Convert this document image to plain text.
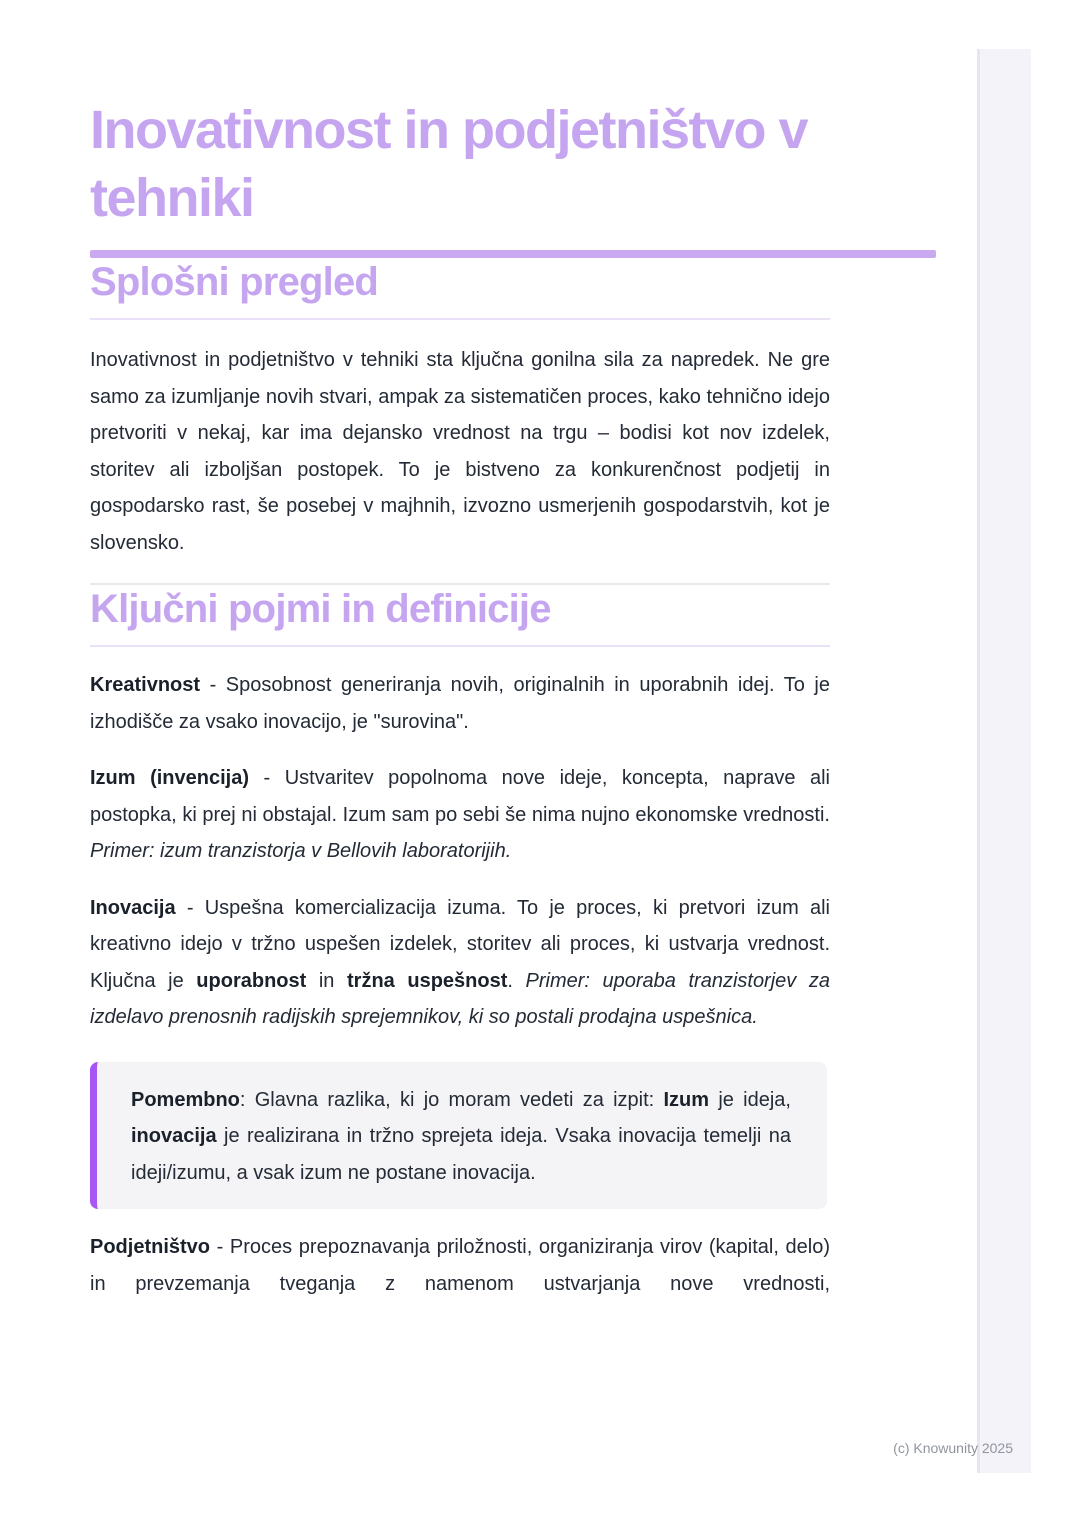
Inovativnost in podjetništvo v tehniki
Splošni pregled

Inovativnost in podjetništvo v tehniki sta ključna gonilna sila za napredek. Ne gre samo za izumljanje novih stvari, ampak za sistematičen proces, kako tehnično idejo pretvoriti v nekaj, kar ima dejansko vrednost na trgu – bodisi kot nov izdelek, storitev ali izboljšan postopek. To je bistveno za konkurenčnost podjetij in gospodarsko rast, še posebej v majhnih, izvozno usmerjenih gospodarstvih, kot je slovensko.

Ključni pojmi in definicije

Kreativnost - Sposobnost generiranja novih, originalnih in uporabnih idej. To je izhodišče za vsako inovacijo, je "surovina".

Izum (invencija) - Ustvaritev popolnoma nove ideje, koncepta, naprave ali postopka, ki prej ni obstajal. Izum sam po sebi še nima nujno ekonomske vrednosti. Primer: izum tranzistorja v Bellovih laboratorijih.

Inovacija - Uspešna komercializacija izuma. To je proces, ki pretvori izum ali kreativno idejo v tržno uspešen izdelek, storitev ali proces, ki ustvarja vrednost. Ključna je uporabnost in tržna uspešnost. Primer: uporaba tranzistorjev za izdelavo prenosnih radijskih sprejemnikov, ki so postali prodajna uspešnica.

Pomembno: Glavna razlika, ki jo moram vedeti za izpit: Izum je ideja, inovacija je realizirana in tržno sprejeta ideja. Vsaka inovacija temelji na ideji/izumu, a vsak izum ne postane inovacija.

Podjetništvo - Proces prepoznavanja priložnosti, organiziranja virov (kapital, delo) in prevzemanja tveganja z namenom ustvarjanja nove vrednosti,

(c) Knowunity 2025
